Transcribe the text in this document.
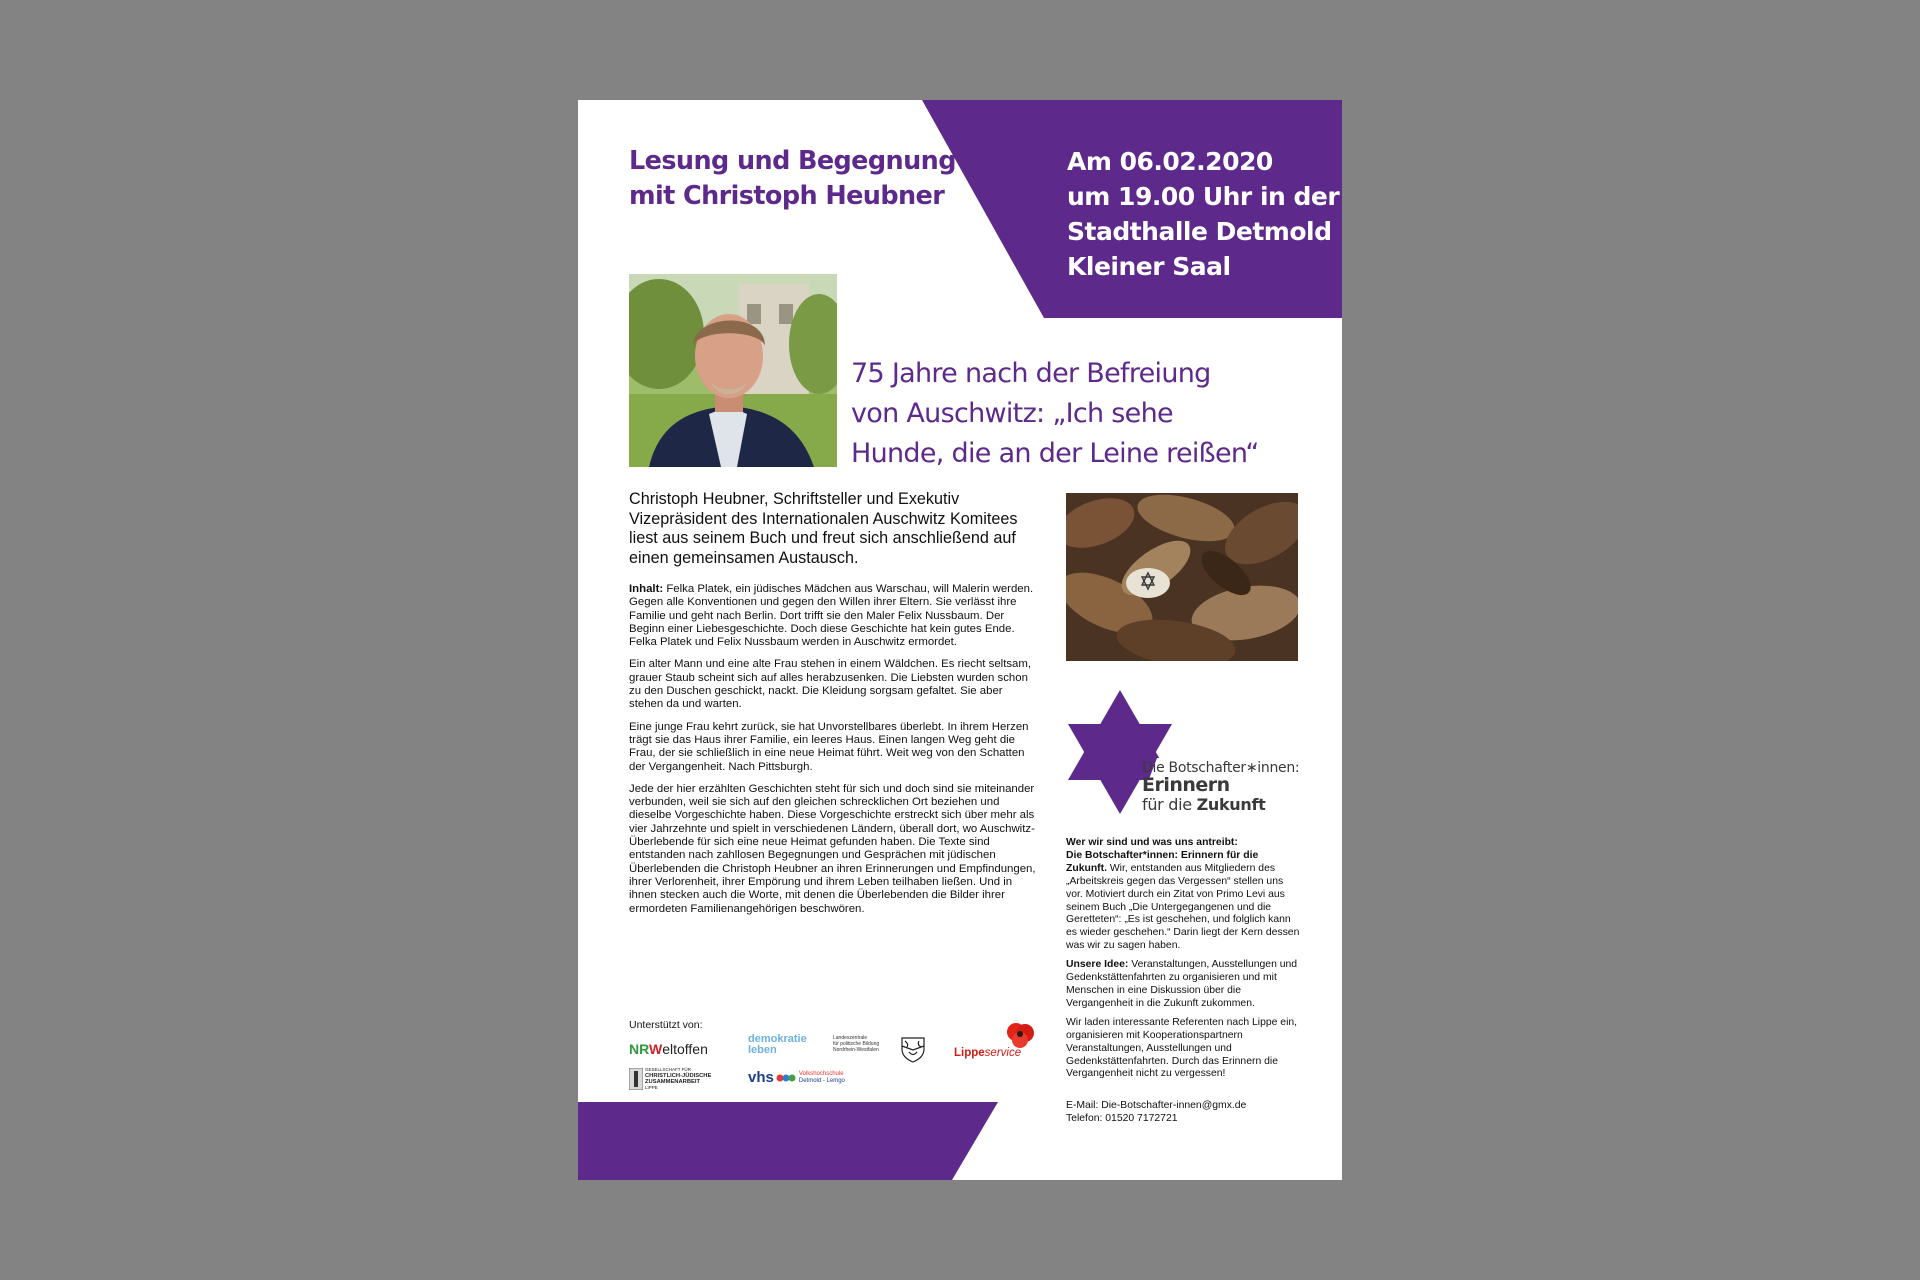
Lesung und Begegnung
mit Christoph Heubner
Am 06.02.2020
um 19.00 Uhr in der
Stadthalle Detmold
Kleiner Saal
75 Jahre nach der Befreiung
von Auschwitz: „Ich sehe
Hunde, die an der Leine reißen“
Christoph Heubner, Schriftsteller und Exekutiv Vizepräsident des Internationalen Auschwitz Komitees liest aus seinem Buch und freut sich anschließend auf einen gemeinsamen Austausch.

Inhalt: Felka Platek, ein jüdisches Mädchen aus Warschau, will Malerin werden. Gegen alle Konventionen und gegen den Willen ihrer Eltern. Sie verlässt ihre Familie und geht nach Berlin. Dort trifft sie den Maler Felix Nussbaum. Der Beginn einer Liebesgeschichte. Doch diese Geschichte hat kein gutes Ende. Felka Platek und Felix Nussbaum werden in Auschwitz ermordet.

Ein alter Mann und eine alte Frau stehen in einem Wäldchen. Es riecht seltsam, grauer Staub scheint sich auf alles herabzusenken. Die Liebsten wurden schon zu den Duschen geschickt, nackt. Die Kleidung sorgsam gefaltet. Sie aber stehen da und warten.

Eine junge Frau kehrt zurück, sie hat Unvorstellbares überlebt. In ihrem Herzen trägt sie das Haus ihrer Familie, ein leeres Haus. Einen langen Weg geht die Frau, der sie schließlich in eine neue Heimat führt. Weit weg von den Schatten der Vergangenheit. Nach Pittsburgh.

Jede der hier erzählten Geschichten steht für sich und doch sind sie miteinander verbunden, weil sie sich auf den gleichen schrecklichen Ort beziehen und dieselbe Vorgeschichte haben. Diese Vorgeschichte erstreckt sich über mehr als vier Jahrzehnte und spielt in verschiedenen Ländern, überall dort, wo Auschwitz-Überlebende für sich eine neue Heimat gefunden haben. Die Texte sind entstanden nach zahllosen Begegnungen und Gesprächen mit jüdischen Überlebenden die Christoph Heubner an ihren Erinnerungen und Empfindungen, ihrer Verlorenheit, ihrer Empörung und ihrem Leben teilhaben ließen. Und in ihnen stecken auch die Worte, mit denen die Überlebenden die Bilder ihrer ermordeten Familienangehörigen beschwören.

Die Botschafter∗innen:
Erinnern
für die Zukunft

Wer wir sind und was uns antreibt:
Die Botschafter*innen: Erinnern für die Zukunft. Wir, entstanden aus Mitgliedern des „Arbeitskreis gegen das Vergessen“ stellen uns vor. Motiviert durch ein Zitat von Primo Levi aus seinem Buch „Die Untergegangenen und die Geretteten“: „Es ist geschehen, und folglich kann es wieder geschehen.“ Darin liegt der Kern dessen was wir zu sagen haben.

Unsere Idee: Veranstaltungen, Ausstellungen und Gedenkstättenfahrten zu organisieren und mit Menschen in eine Diskussion über die Vergangenheit in die Zukunft zukommen.

Wir laden interessante Referenten nach Lippe ein, organisieren mit Kooperationspartnern Veranstaltungen, Ausstellungen und Gedenkstättenfahrten. Durch das Erinnern die Vergangenheit nicht zu vergessen!

E-Mail: Die-Botschafter-innen@gmx.de
Telefon: 01520 7172721
Unterstützt von:
NRWeltoffen
demokratie
leben
Landeszentrale
für politische Bildung
Nordrhein-Westfalen	Lippeservice
GESELLSCHAFT FÜR
CHRISTLICH-JÜDISCHE
ZUSAMMENARBEIT
LIPPE
vhs	Volkshochschule
Detmold - Lemgo
